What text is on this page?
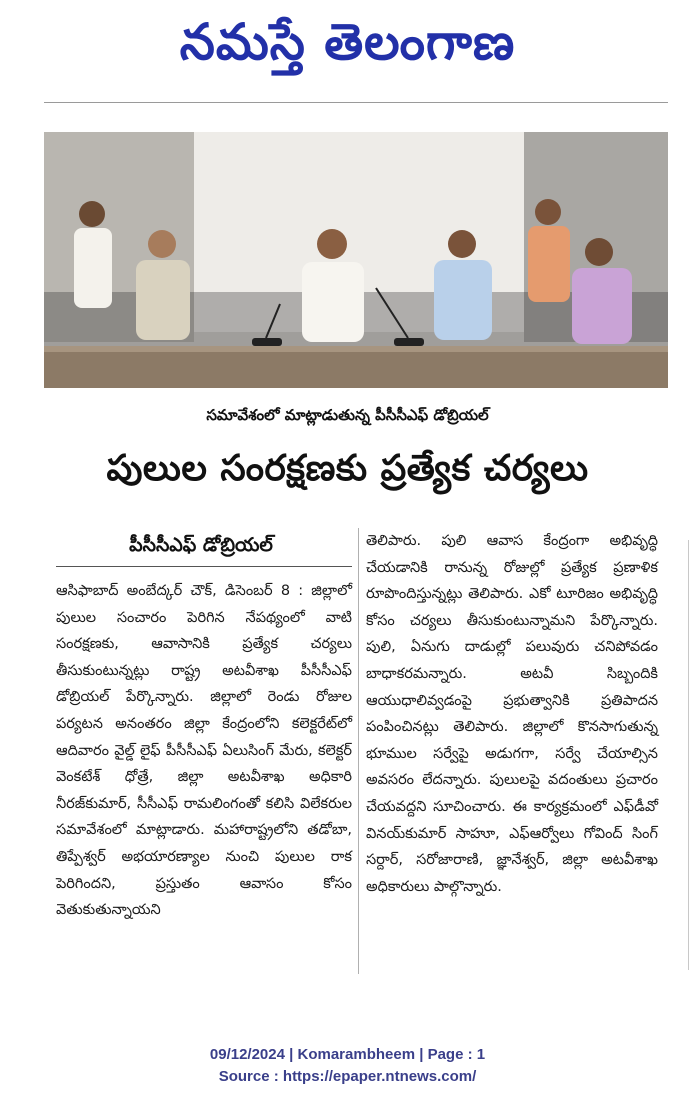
నమస్తే తెలంగాణ
సమావేశంలో మాట్లాడుతున్న పీసీసీఎఫ్ డోబ్రియల్
పులుల సంరక్షణకు ప్రత్యేక చర్యలు
పీసీసీఎఫ్ డోబ్రియల్

ఆసిఫాబాద్ అంబేద్కర్ చౌక్, డిసెంబర్ 8 : జిల్లాలో పులుల సంచారం పెరిగిన నేపథ్యంలో వాటి సంరక్షణకు, ఆవాసానికి ప్రత్యేక చర్యలు తీసుకుంటున్నట్లు రాష్ట్ర అటవీశాఖ పీసీసీఎఫ్ డోబ్రియల్ పేర్కొన్నారు. జిల్లాలో రెండు రోజుల పర్యటన అనంతరం జిల్లా కేంద్రంలోని కలెక్టరేట్‌లో ఆదివారం వైల్డ్ లైఫ్ పీసీసీఎఫ్ ఏలుసింగ్ మేరు, కలెక్టర్ వెంకటేశ్ ధోత్రే, జిల్లా అటవీశాఖ అధికారి నీరజ్‌కుమార్, సీసీఎఫ్ రామలింగంతో కలిసి విలేకరుల సమావేశంలో మాట్లాడారు. మహారాష్ట్రలోని తడోబా, తిప్పేశ్వర్ అభయారణ్యాల నుంచి పులుల రాక పెరిగిందని, ప్రస్తుతం ఆవాసం కోసం వెతుకుతున్నాయని

తెలిపారు. పులి ఆవాస కేంద్రంగా అభివృద్ధి చేయడానికి రానున్న రోజుల్లో ప్రత్యేక ప్రణాళిక రూపొందిస్తున్నట్లు తెలిపారు. ఎకో టూరిజం అభివృద్ధి కోసం చర్యలు తీసుకుంటున్నామని పేర్కొన్నారు. పులి, ఏనుగు దాడుల్లో పలువురు చనిపోవడం బాధాకరమన్నారు. అటవీ సిబ్బందికి ఆయుధాలివ్వడంపై ప్రభుత్వానికి ప్రతిపాదన పంపించినట్లు తెలిపారు. జిల్లాలో కొనసాగుతున్న భూముల సర్వేపై అడుగగా, సర్వే చేయాల్సిన అవసరం లేదన్నారు. పులులపై వదంతులు ప్రచారం చేయవద్దని సూచించారు. ఈ కార్యక్రమంలో ఎఫ్‌డీవో వినయ్‌కుమార్ సాహూ, ఎఫ్ఆర్వోలు గోవింద్ సింగ్ సర్దార్, సరోజారాణి, జ్ఞానేశ్వర్, జిల్లా అటవీశాఖ అధికారులు పాల్గొన్నారు.

09/12/2024 | Komarambheem | Page : 1
Source : https://epaper.ntnews.com/
